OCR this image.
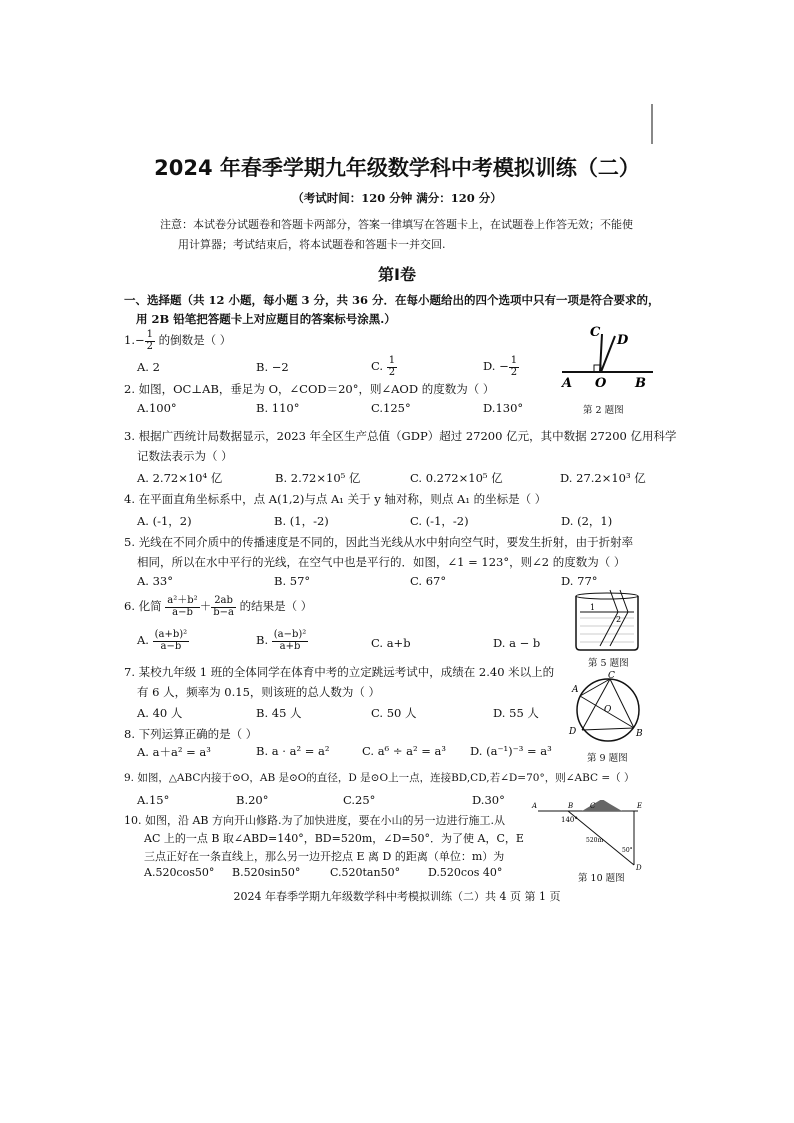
2024 年春季学期九年级数学科中考模拟训练（二）
（考试时间：120 分钟 满分：120 分）
注意：本试卷分试题卷和答题卡两部分，答案一律填写在答题卡上，在试题卷上作答无效；不能使
用计算器；考试结束后，将本试题卷和答题卡一并交回.
第Ⅰ卷
一、选择题（共 12 小题，每小题 3 分，共 36 分．在每小题给出的四个选项中只有一项是符合要求的，
用 2B 铅笔把答题卡上对应题目的答案标号涂黑.）
$1.- \frac{1}{2}$ 的倒数是（ ）
A. 2	B. −2	C. $\frac{1}{2}$	D. − $\frac{1}{2}$
C
D
A O B
第 2 题图
2. 如图，OC⊥AB，垂足为 O，∠COD＝20°，则∠AOD 的度数为（ ）
A.100°	B. 110°	C.125°	D.130°
3. 根据广西统计局数据显示，2023 年全区生产总值（GDP）超过 27200 亿元，其中数据 27200 亿用科学
记数法表示为（ ）
A. 2.72×10⁴ 亿	B. 2.72×10⁵ 亿	C. 0.272×10⁵ 亿	D. 27.2×10³ 亿
4. 在平面直角坐标系中，点 A(1,2)与点 A₁ 关于 y 轴对称，则点 A₁ 的坐标是（ ）
A. (-1，2)	B. (1，-2)	C. (-1，-2)	D. (2，1)
5. 光线在不同介质中的传播速度是不同的，因此当光线从水中射向空气时，要发生折射，由于折射率
相同，所以在水中平行的光线，在空气中也是平行的．如图，∠1 = 123°，则∠2 的度数为（ ）
A. 33°	B. 57°	C. 67°	D. 77°
1
2
第 5 题图
6. 化简 $\frac{\text{a²＋b²}}{a-b} + \frac{2ab}{b-a}$ 的结果是（ ）
A. $\frac{\text{(a+b)²}}{a-b}$	B. $\frac{\text{(a−b)²}}{a+b}$	C. a+b	D. a − b
7. 某校九年级 1 班的全体同学在体育中考的立定跳远考试中，成绩在 2.40 米以上的
有 6 人，频率为 0.15，则该班的总人数为（ ）
A. 40 人	B. 45 人	C. 50 人	D. 55 人
A
C
O
D	B
第 9 题图
8. 下列运算正确的是（ ）
A. a＋a² = a³	B. a · a² = a²	C. a⁶ ÷ a² = a³ D. (a⁻¹)⁻³ = a³
9. 如图，△ABC内接于⊙O，AB 是⊙O的直径，D 是⊙O上一点，连接BD,CD,若∠D=70°，则∠ABC =（ ）
A.15°	B.20°	C.25°	D.30°
10. 如图，沿 AB 方向开山修路.为了加快进度，要在小山的另一边进行施工.从
AC 上的一点 B 取∠ABD=140°，BD=520m，∠D=50°．为了使 A，C，E
三点正好在一条直线上，那么另一边开挖点 E 离 D 的距离（单位：m）为
A.520cos50° B.520sin50°	C.520tan50°	D.520cos 40°
A	B C	E
D
140°
520m
50°
第 10 题图
2024 年春季学期九年级数学科中考模拟训练（二）共 4 页 第 1 页
